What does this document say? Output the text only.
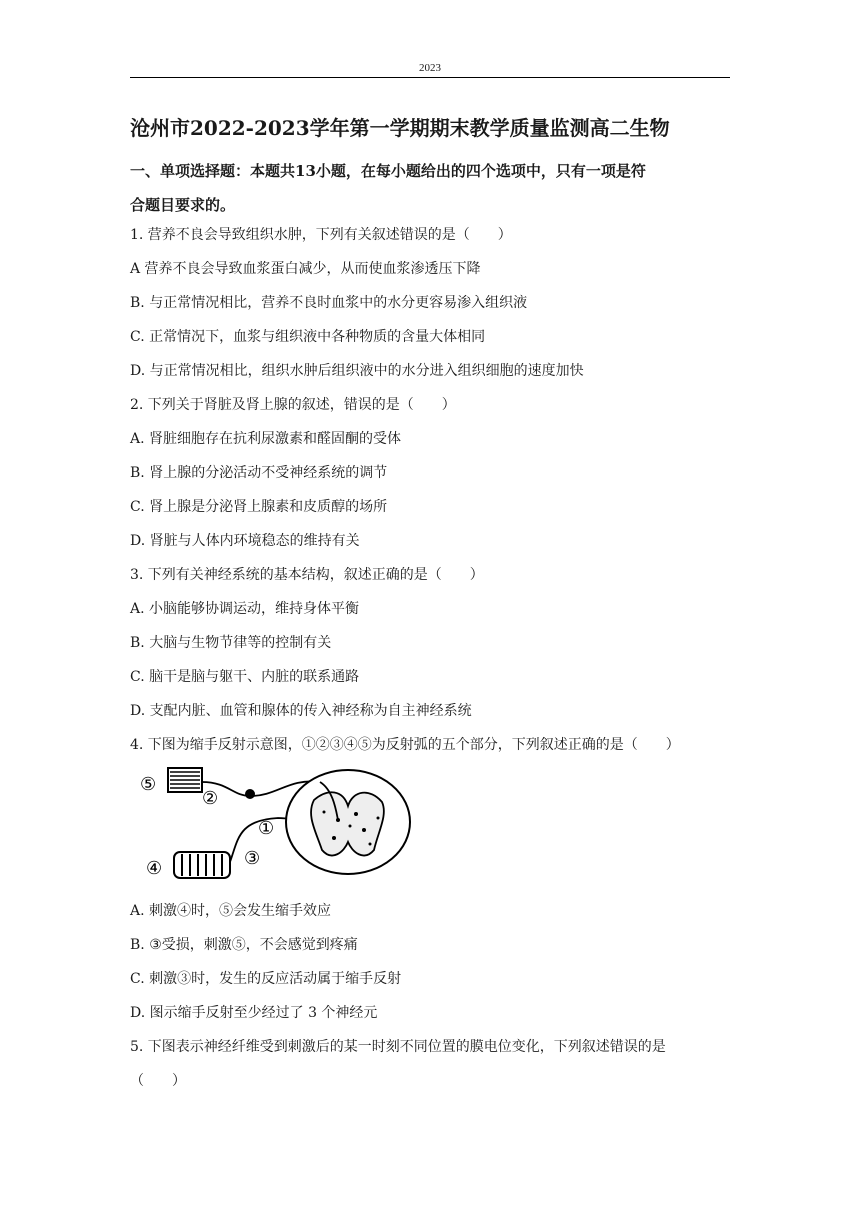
2023
沧州市2022-2023学年第一学期期末教学质量监测高二生物
一、单项选择题：本题共13小题，在每小题给出的四个选项中，只有一项是符
合题目要求的。
1. 营养不良会导致组织水肿，下列有关叙述错误的是（　　）
A 营养不良会导致血浆蛋白减少，从而使血浆渗透压下降
B. 与正常情况相比，营养不良时血浆中的水分更容易渗入组织液
C. 正常情况下，血浆与组织液中各种物质的含量大体相同
D. 与正常情况相比，组织水肿后组织液中的水分进入组织细胞的速度加快
2. 下列关于肾脏及肾上腺的叙述，错误的是（　　）
A. 肾脏细胞存在抗利尿激素和醛固酮的受体
B. 肾上腺的分泌活动不受神经系统的调节
C. 肾上腺是分泌肾上腺素和皮质醇的场所
D. 肾脏与人体内环境稳态的维持有关
3. 下列有关神经系统的基本结构，叙述正确的是（　　）
A. 小脑能够协调运动，维持身体平衡
B. 大脑与生物节律等的控制有关
C. 脑干是脑与躯干、内脏的联系通路
D. 支配内脏、血管和腺体的传入神经称为自主神经系统
4. 下图为缩手反射示意图，①②③④⑤为反射弧的五个部分，下列叙述正确的是（　　）
⑤
②
①
③
④
A. 刺激④时，⑤会发生缩手效应
B. ③受损，刺激⑤，不会感觉到疼痛
C. 刺激③时，发生的反应活动属于缩手反射
D. 图示缩手反射至少经过了 3 个神经元
5. 下图表示神经纤维受到刺激后的某一时刻不同位置的膜电位变化，下列叙述错误的是
（　　）
